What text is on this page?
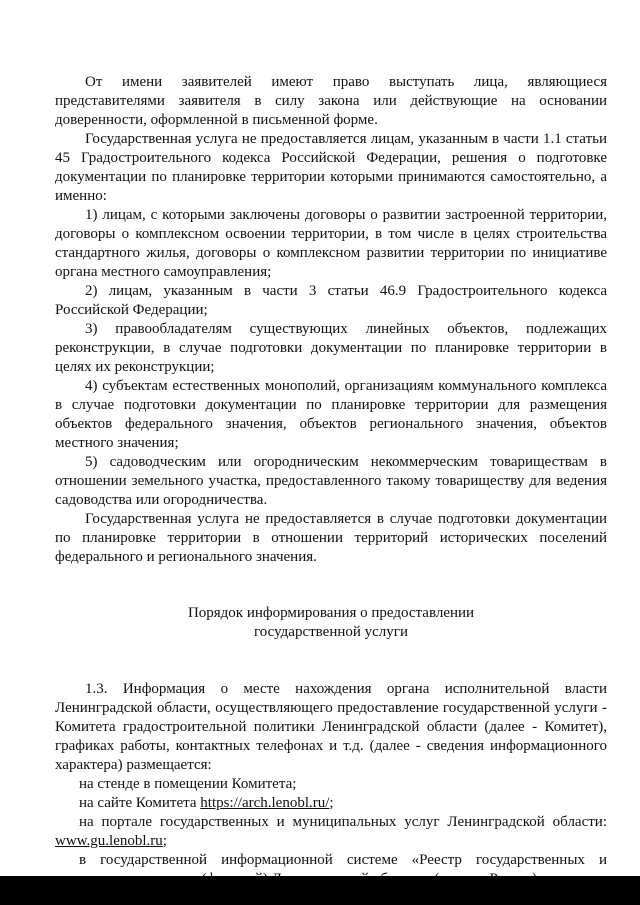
От имени заявителей имеют право выступать лица, являющиеся представителями заявителя в силу закона или действующие на основании доверенности, оформленной в письменной форме.

Государственная услуга не предоставляется лицам, указанным в части 1.1 статьи 45 Градостроительного кодекса Российской Федерации, решения о подготовке документации по планировке территории которыми принимаются самостоятельно, а именно:

1) лицам, с которыми заключены договоры о развитии застроенной территории, договоры о комплексном освоении территории, в том числе в целях строительства стандартного жилья, договоры о комплексном развитии территории по инициативе органа местного самоуправления;

2) лицам, указанным в части 3 статьи 46.9 Градостроительного кодекса Российской Федерации;

3) правообладателям существующих линейных объектов, подлежащих реконструкции, в случае подготовки документации по планировке территории в целях их реконструкции;

4) субъектам естественных монополий, организациям коммунального комплекса в случае подготовки документации по планировке территории для размещения объектов федерального значения, объектов регионального значения, объектов местного значения;

5) садоводческим или огородническим некоммерческим товариществам в отношении земельного участка, предоставленного такому товариществу для ведения садоводства или огородничества.

Государственная услуга не предоставляется в случае подготовки документации по планировке территории в отношении территорий исторических поселений федерального и регионального значения.

Порядок информирования о предоставлении

государственной услуги

1.3. Информация о месте нахождения органа исполнительной власти Ленинградской области, осуществляющего предоставление государственной услуги - Комитета градостроительной политики Ленинградской области (далее - Комитет), графиках работы, контактных телефонах и т.д. (далее - сведения информационного характера) размещается:

на стенде в помещении Комитета;

на сайте Комитета https://arch.lenobl.ru/;

на портале государственных и муниципальных услуг Ленинградской области: www.gu.lenobl.ru;

в государственной информационной системе «Реестр государственных и
